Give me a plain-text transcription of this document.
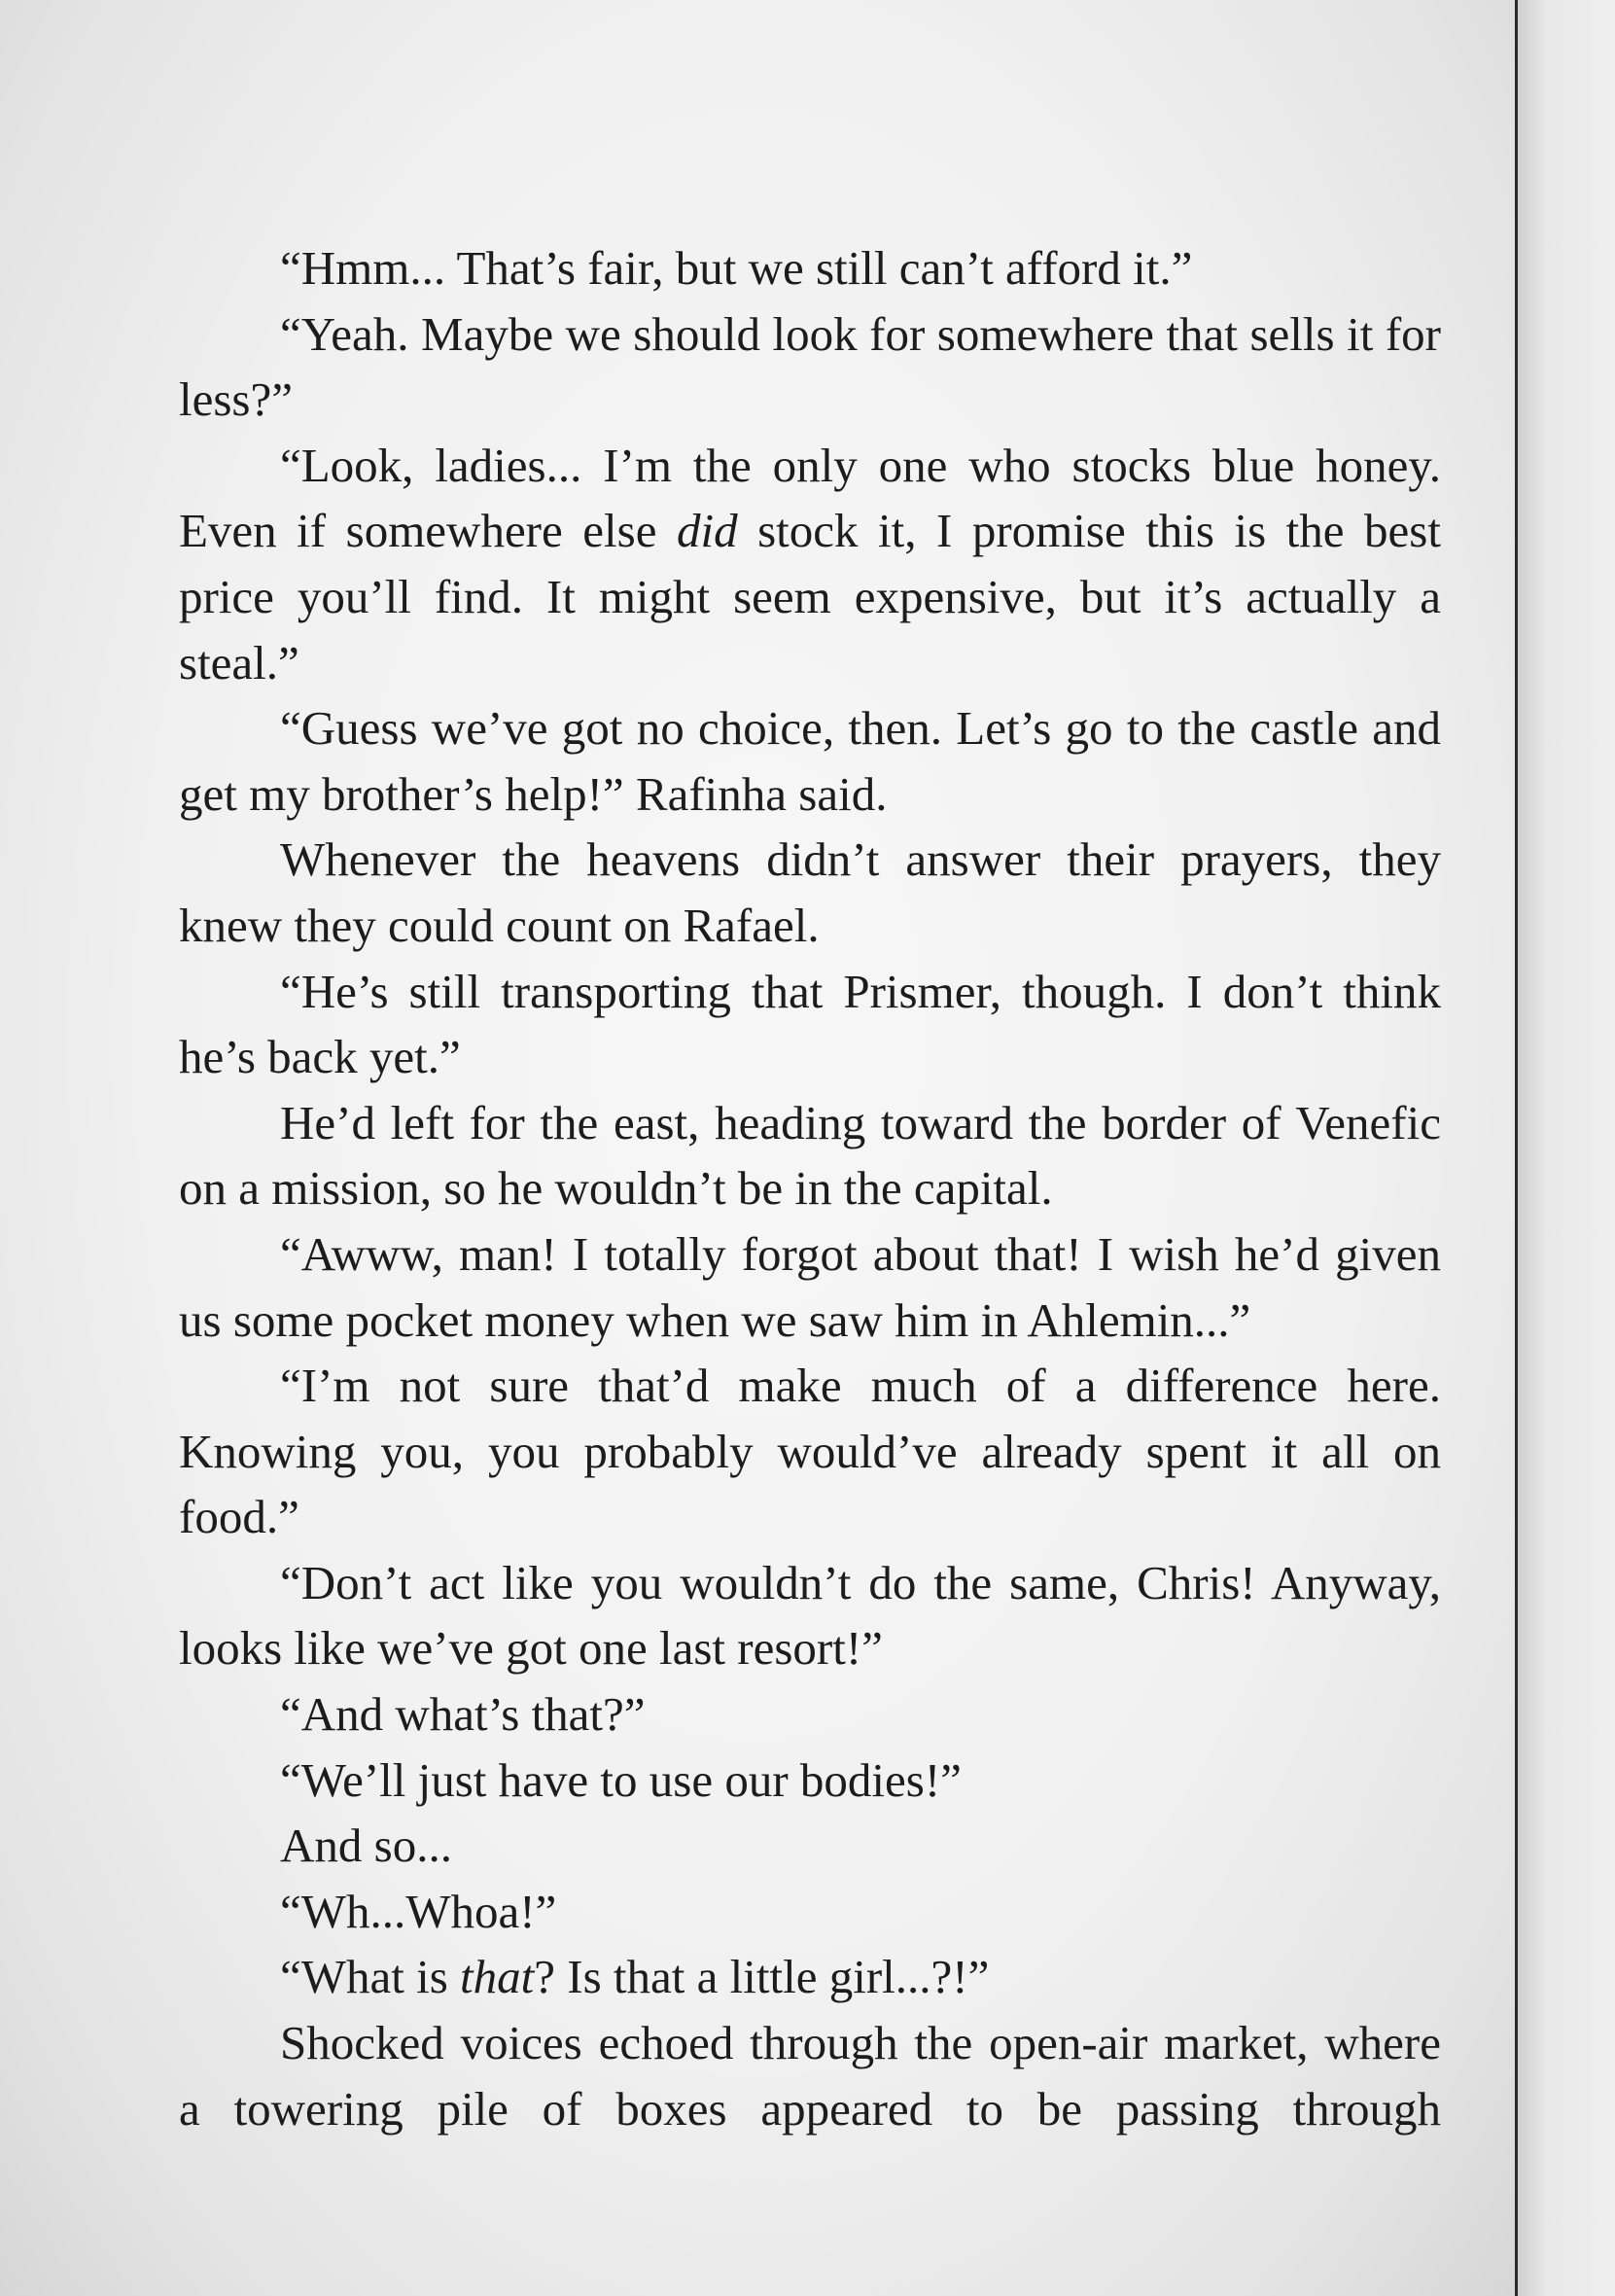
“Hmm... That’s fair, but we still can’t afford it.”

“Yeah. Maybe we should look for somewhere that sells it for less?”

“Look, ladies... I’m the only one who stocks blue honey. Even if somewhere else did stock it, I promise this is the best price you’ll find. It might seem expensive, but it’s actually a steal.”

“Guess we’ve got no choice, then. Let’s go to the castle and get my brother’s help!” Rafinha said.

Whenever the heavens didn’t answer their prayers, they knew they could count on Rafael.

“He’s still transporting that Prismer, though. I don’t think he’s back yet.”

He’d left for the east, heading toward the border of Venefic on a mission, so he wouldn’t be in the capital.

“Awww, man! I totally forgot about that! I wish he’d given us some pocket money when we saw him in Ahlemin...”

“I’m not sure that’d make much of a difference here. Knowing you, you probably would’ve already spent it all on food.”

“Don’t act like you wouldn’t do the same, Chris! Anyway, looks like we’ve got one last resort!”

“And what’s that?”

“We’ll just have to use our bodies!”

And so...

“Wh...Whoa!”

“What is that? Is that a little girl...?!”

Shocked voices echoed through the open-air market, where a towering pile of boxes appeared to be passing through
